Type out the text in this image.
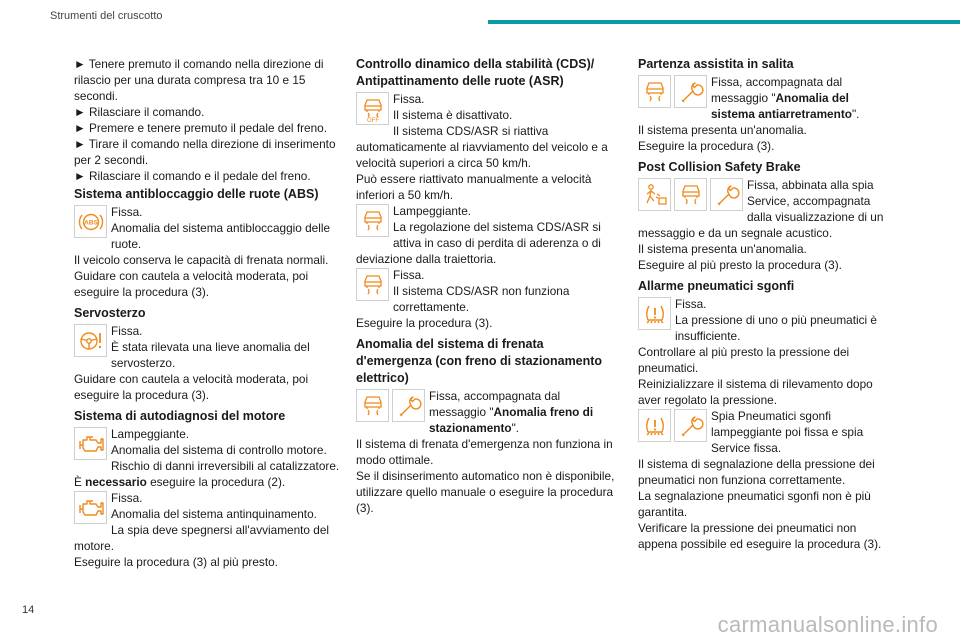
Strumenti del cruscotto

► Tenere premuto il comando nella direzione di rilascio per una durata compresa tra 10 e 15 secondi.

► Rilasciare il comando.

► Premere e tenere premuto il pedale del freno.

► Tirare il comando nella direzione di inserimento per 2 secondi.

► Rilasciare il comando e il pedale del freno.

Sistema antibloccaggio delle ruote (ABS)
ABS

Fissa.

Anomalia del sistema antibloccaggio delle ruote.

Il veicolo conserva le capacità di frenata normali.

Guidare con cautela a velocità moderata, poi eseguire la procedura (3).

Servosterzo

Fissa.

È stata rilevata una lieve anomalia del servosterzo.

Guidare con cautela a velocità moderata, poi eseguire la procedura (3).

Sistema di autodiagnosi del motore

Lampeggiante.

Anomalia del sistema di controllo motore.

Rischio di danni irreversibili al catalizzatore.

È necessario eseguire la procedura (2).

Fissa.

Anomalia del sistema antinquinamento.

La spia deve spegnersi all'avviamento del motore.

Eseguire la procedura (3) al più presto.

Controllo dinamico della stabilità (CDS)/ Antipattinamento delle ruote (ASR)
OFF

Fissa.

Il sistema è disattivato.

Il sistema CDS/ASR si riattiva automaticamente al riavviamento del veicolo e a velocità superiori a circa 50 km/h.

Può essere riattivato manualmente a velocità inferiori a 50 km/h.

Lampeggiante.

La regolazione del sistema CDS/ASR si attiva in caso di perdita di aderenza o di deviazione dalla traiettoria.

Fissa.

Il sistema CDS/ASR non funziona correttamente.

Eseguire la procedura (3).

Anomalia del sistema di frenata d'emergenza (con freno di stazionamento elettrico)

Fissa, accompagnata dal messaggio "Anomalia freno di stazionamento".

Il sistema di frenata d'emergenza non funziona in modo ottimale.

Se il disinserimento automatico non è disponibile, utilizzare quello manuale o eseguire la procedura (3).

Partenza assistita in salita

Fissa, accompagnata dal messaggio "Anomalia del sistema antiarretramento".

Il sistema presenta un'anomalia.

Eseguire la procedura (3).

Post Collision Safety Brake

Fissa, abbinata alla spia Service, accompagnata dalla visualizzazione di un messaggio e da un segnale acustico.

Il sistema presenta un'anomalia.

Eseguire al più presto la procedura (3).

Allarme pneumatici sgonfi

Fissa.

La pressione di uno o più pneumatici è insufficiente.

Controllare al più presto la pressione dei pneumatici.

Reinizializzare il sistema di rilevamento dopo aver regolato la pressione.

Spia Pneumatici sgonfi lampeggiante poi fissa e spia Service fissa.

Il sistema di segnalazione della pressione dei pneumatici non funziona correttamente.

La segnalazione pneumatici sgonfi non è più garantita.

Verificare la pressione dei pneumatici non appena possibile ed eseguire la procedura (3).

14
carmanualsonline.info
